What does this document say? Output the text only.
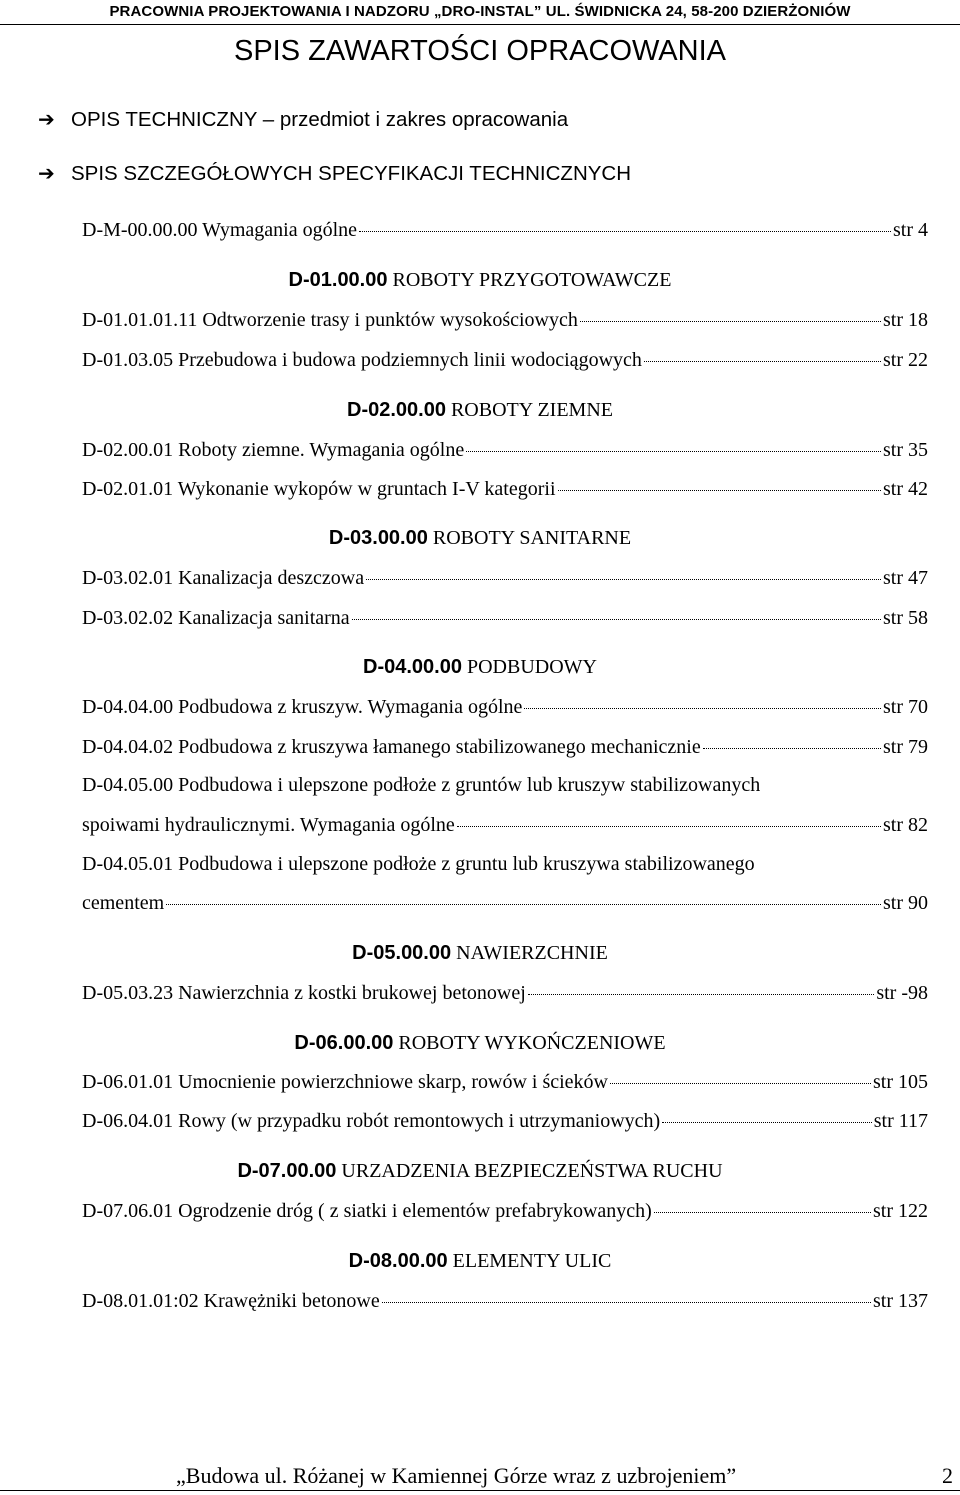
PRACOWNIA PROJEKTOWANIA I NADZORU „DRO-INSTAL” UL. ŚWIDNICKA 24, 58-200 DZIERŻONIÓW
SPIS ZAWARTOŚCI OPRACOWANIA
➔ OPIS TECHNICZNY – przedmiot i zakres opracowania
➔ SPIS SZCZEGÓŁOWYCH SPECYFIKACJI TECHNICZNYCH
D-M-00.00.00 Wymagania ogólne	str 4
D-01.00.00 ROBOTY PRZYGOTOWAWCZE
D-01.01.01.11 Odtworzenie trasy i punktów wysokościowych	str 18
D-01.03.05 Przebudowa i budowa podziemnych linii wodociągowych	str 22
D-02.00.00 ROBOTY ZIEMNE
D-02.00.01 Roboty ziemne. Wymagania ogólne	str 35
D-02.01.01 Wykonanie wykopów w gruntach I-V kategorii	str 42
D-03.00.00 ROBOTY SANITARNE
D-03.02.01 Kanalizacja deszczowa	str 47
D-03.02.02 Kanalizacja sanitarna	str 58
D-04.00.00 PODBUDOWY
D-04.04.00 Podbudowa z kruszyw. Wymagania ogólne	str 70
D-04.04.02 Podbudowa z kruszywa łamanego stabilizowanego mechanicznie	str 79
D-04.05.00 Podbudowa i ulepszone podłoże z gruntów lub kruszyw stabilizowanych
spoiwami hydraulicznymi. Wymagania ogólne	str 82
D-04.05.01 Podbudowa i ulepszone podłoże z gruntu lub kruszywa stabilizowanego
cementem	str 90
D-05.00.00 NAWIERZCHNIE
D-05.03.23 Nawierzchnia z kostki brukowej betonowej	str -98
D-06.00.00 ROBOTY WYKOŃCZENIOWE
D-06.01.01 Umocnienie powierzchniowe skarp, rowów i ścieków	str 105
D-06.04.01 Rowy (w przypadku robót remontowych i utrzymaniowych)	str 117
D-07.00.00 URZADZENIA BEZPIECZEŃSTWA RUCHU
D-07.06.01 Ogrodzenie dróg ( z siatki i elementów prefabrykowanych)	str 122
D-08.00.00 ELEMENTY ULIC
D-08.01.01:02 Krawężniki betonowe	str 137
„Budowa ul. Różanej w Kamiennej Górze wraz z uzbrojeniem”	2
